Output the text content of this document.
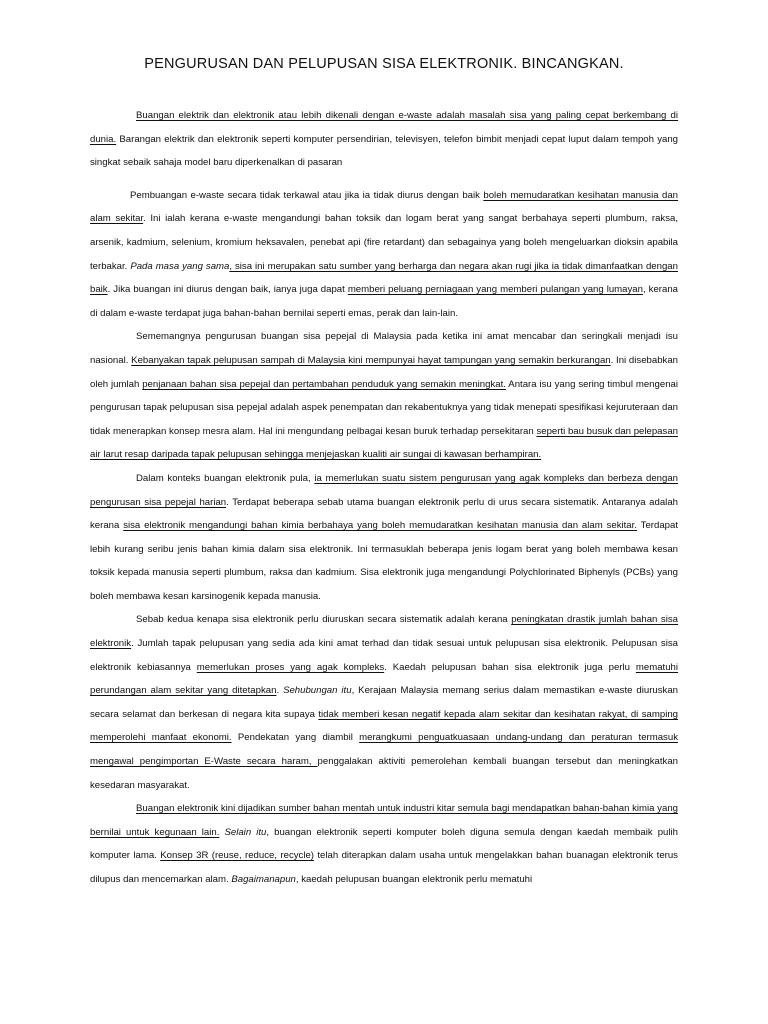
PENGURUSAN DAN PELUPUSAN SISA ELEKTRONIK. BINCANGKAN.

Buangan elektrik dan elektronik atau lebih dikenali dengan e-waste adalah masalah sisa yang paling cepat berkembang di dunia. Barangan elektrik dan elektronik seperti komputer persendirian, televisyen, telefon bimbit menjadi cepat luput dalam tempoh yang singkat sebaik sahaja model baru diperkenalkan di pasaran

Pembuangan e-waste secara tidak terkawal atau jika ia tidak diurus dengan baik boleh memudaratkan kesihatan manusia dan alam sekitar. Ini ialah kerana e-waste mengandungi bahan toksik dan logam berat yang sangat berbahaya seperti plumbum, raksa, arsenik, kadmium, selenium, kromium heksavalen, penebat api (fire retardant) dan sebagainya yang boleh mengeluarkan dioksin apabila terbakar. Pada masa yang sama, sisa ini merupakan satu sumber yang berharga dan negara akan rugi jika ia tidak dimanfaatkan dengan baik. Jika buangan ini diurus dengan baik, ianya juga dapat memberi peluang perniagaan yang memberi pulangan yang lumayan, kerana di dalam e-waste terdapat juga bahan-bahan bernilai seperti emas, perak dan lain-lain.

Sememangnya pengurusan buangan sisa pepejal di Malaysia pada ketika ini amat mencabar dan seringkali menjadi isu nasional. Kebanyakan tapak pelupusan sampah di Malaysia kini mempunyai hayat tampungan yang semakin berkurangan. Ini disebabkan oleh jumlah penjanaan bahan sisa pepejal dan pertambahan penduduk yang semakin meningkat. Antara isu yang sering timbul mengenai pengurusan tapak pelupusan sisa pepejal adalah aspek penempatan dan rekabentuknya yang tidak menepati spesifikasi kejuruteraan dan tidak menerapkan konsep mesra alam. Hal ini mengundang pelbagai kesan buruk terhadap persekitaran seperti bau busuk dan pelepasan air larut resap daripada tapak pelupusan sehingga menjejaskan kualiti air sungai di kawasan berhampiran.

Dalam konteks buangan elektronik pula, ia memerlukan suatu sistem pengurusan yang agak kompleks dan berbeza dengan pengurusan sisa pepejal harian. Terdapat beberapa sebab utama buangan elektronik perlu di urus secara sistematik. Antaranya adalah kerana sisa elektronik mengandungi bahan kimia berbahaya yang boleh memudaratkan kesihatan manusia dan alam sekitar. Terdapat lebih kurang seribu jenis bahan kimia dalam sisa elektronik. Ini termasuklah beberapa jenis logam berat yang boleh membawa kesan toksik kepada manusia seperti plumbum, raksa dan kadmium. Sisa elektronik juga mengandungi Polychlorinated Biphenyls (PCBs) yang boleh membawa kesan karsinogenik kepada manusia.

Sebab kedua kenapa sisa elektronik perlu diuruskan secara sistematik adalah kerana peningkatan drastik jumlah bahan sisa elektronik. Jumlah tapak pelupusan yang sedia ada kini amat terhad dan tidak sesuai untuk pelupusan sisa elektronik. Pelupusan sisa elektronik kebiasannya memerlukan proses yang agak kompleks. Kaedah pelupusan bahan sisa elektronik juga perlu mematuhi perundangan alam sekitar yang ditetapkan. Sehubungan itu, Kerajaan Malaysia memang serius dalam memastikan e-waste diuruskan secara selamat dan berkesan di negara kita supaya tidak memberi kesan negatif kepada alam sekitar dan kesihatan rakyat, di samping memperolehi manfaat ekonomi. Pendekatan yang diambil merangkumi penguatkuasaan undang-undang dan peraturan termasuk mengawal pengimportan E-Waste secara haram, penggalakan aktiviti pemerolehan kembali buangan tersebut dan meningkatkan kesedaran masyarakat.

Buangan elektronik kini dijadikan sumber bahan mentah untuk industri kitar semula bagi mendapatkan bahan-bahan kimia yang bernilai untuk kegunaan lain. Selain itu, buangan elektronik seperti komputer boleh diguna semula dengan kaedah membaik pulih komputer lama. Konsep 3R (reuse, reduce, recycle) telah diterapkan dalam usaha untuk mengelakkan bahan buanagan elektronik terus dilupus dan mencemarkan alam. Bagaimanapun, kaedah pelupusan buangan elektronik perlu mematuhi
